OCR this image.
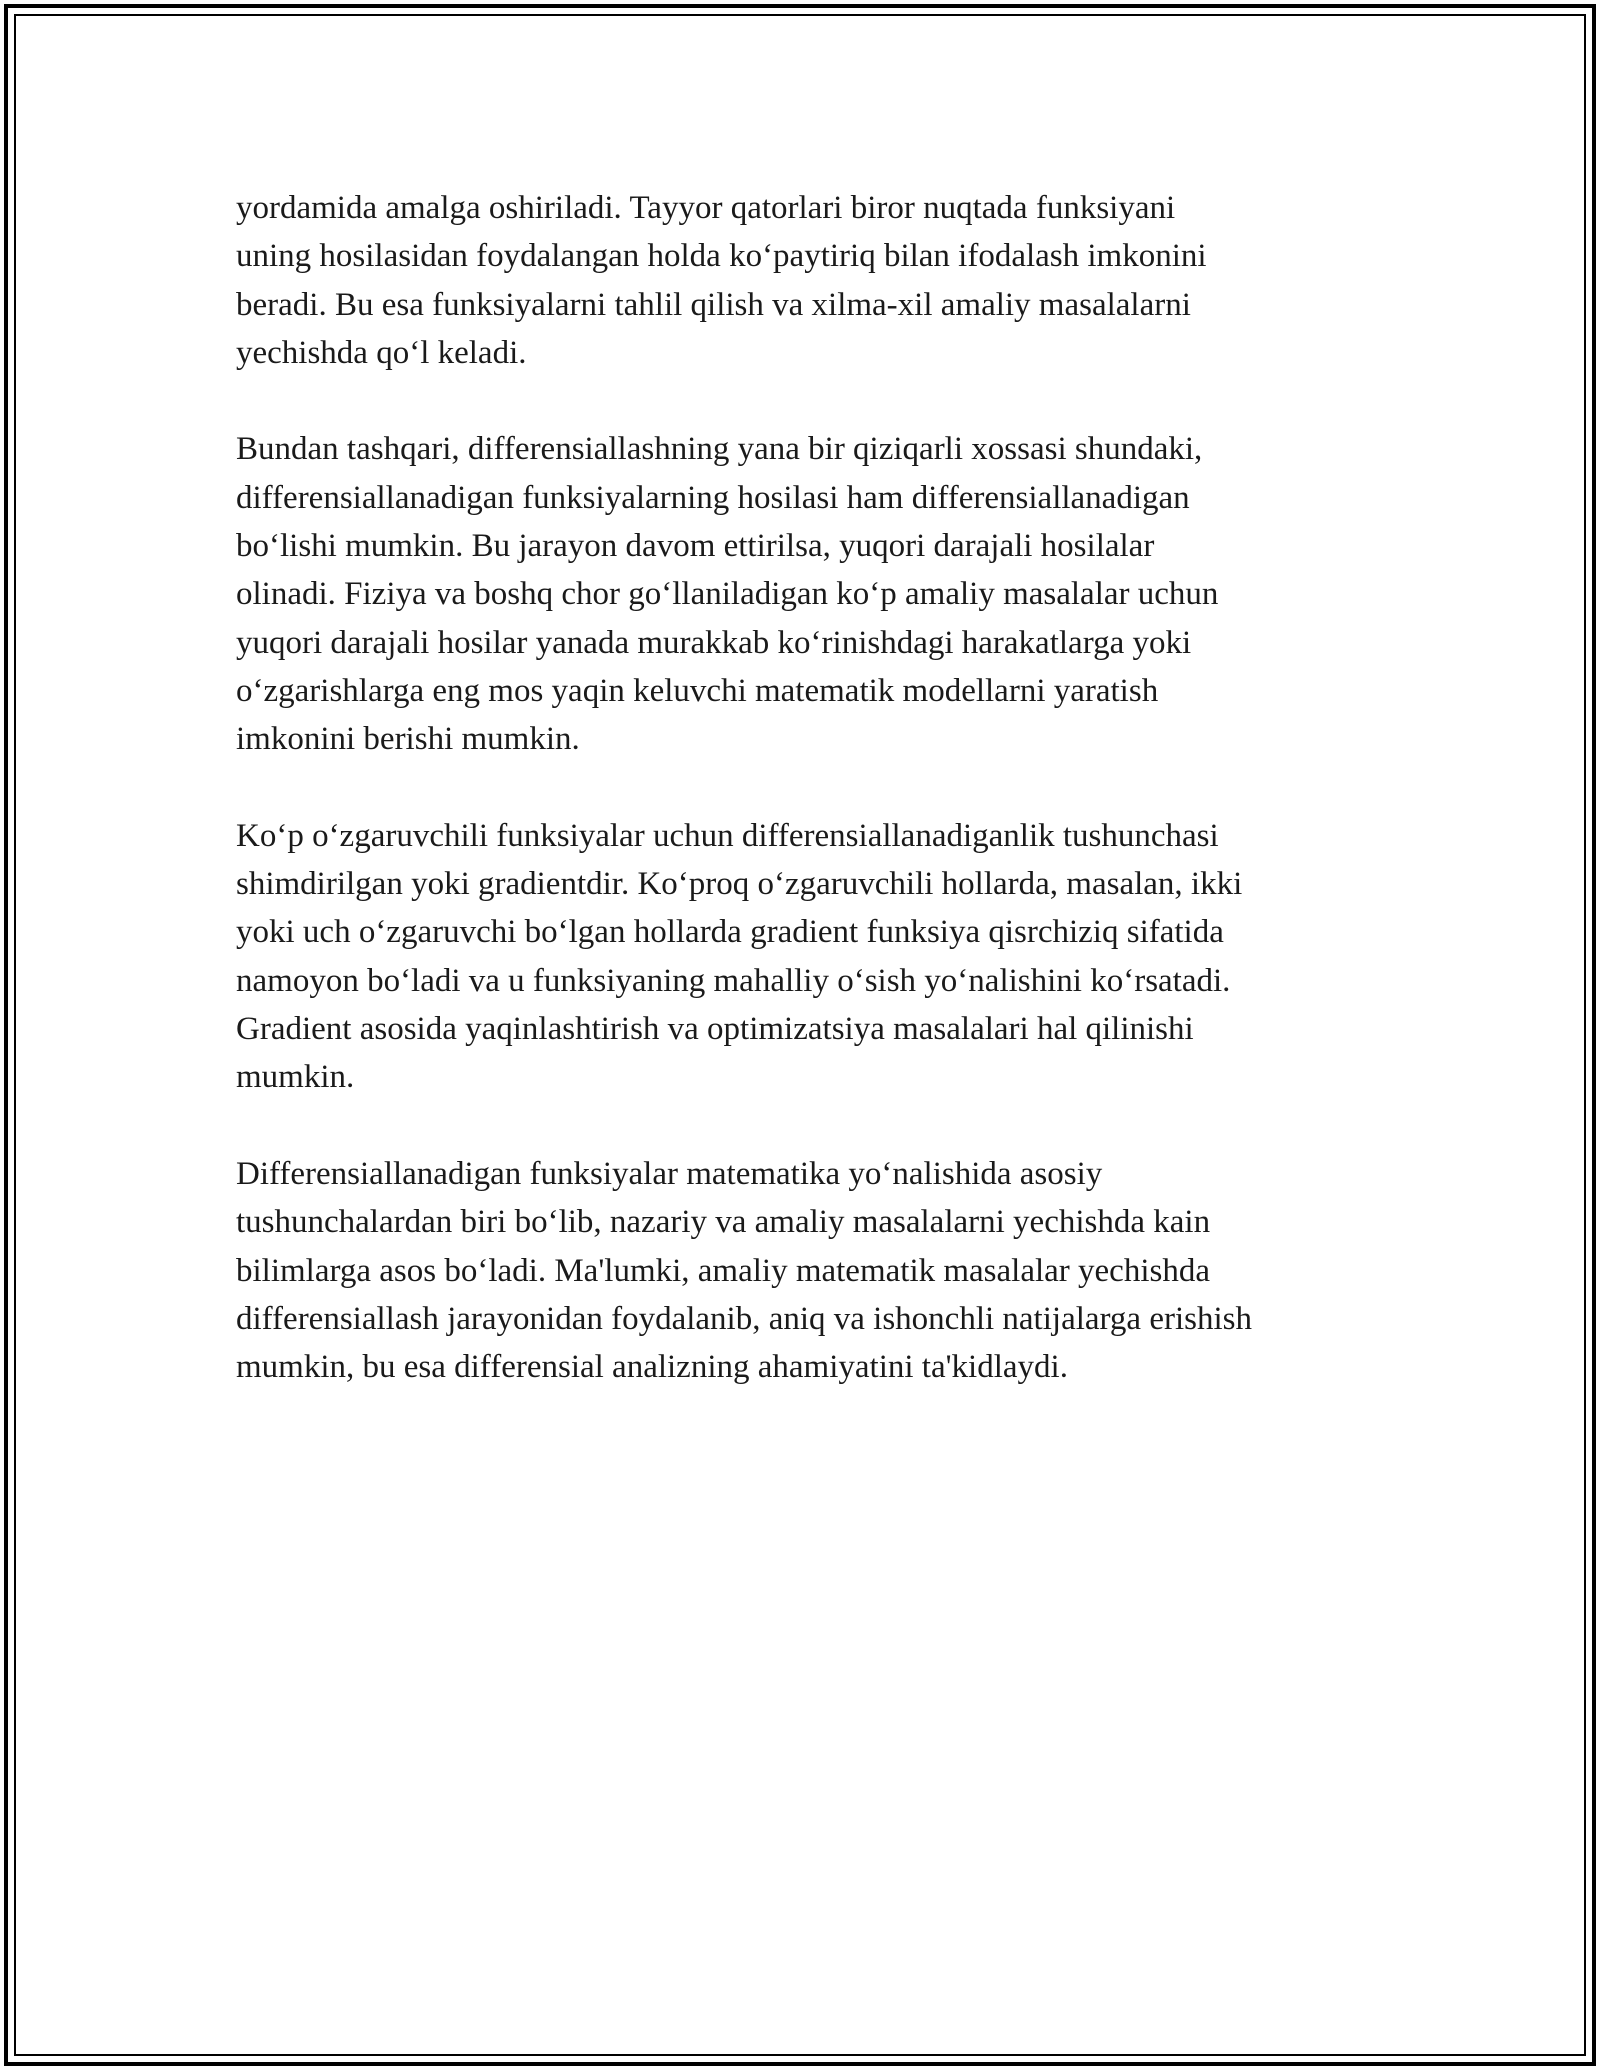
yordamida amalga oshiriladi. Tayyor qatorlari biror nuqtada funksiyani
uning hosilasidan foydalangan holda koʻpaytiriq bilan ifodalash imkonini
beradi. Bu esa funksiyalarni tahlil qilish va xilma-xil amaliy masalalarni
yechishda qoʻl keladi.

Bundan tashqari, differensiallashning yana bir qiziqarli xossasi shundaki,
differensiallanadigan funksiyalarning hosilasi ham differensiallanadigan
boʻlishi mumkin. Bu jarayon davom ettirilsa, yuqori darajali hosilalar
olinadi. Fiziya va boshq chor goʻllaniladigan koʻp amaliy masalalar uchun
yuqori darajali hosilar yanada murakkab koʻrinishdagi harakatlarga yoki
oʻzgarishlarga eng mos yaqin keluvchi matematik modellarni yaratish
imkonini berishi mumkin.

Koʻp oʻzgaruvchili funksiyalar uchun differensiallanadiganlik tushunchasi
shimdirilgan yoki gradientdir. Koʻproq oʻzgaruvchili hollarda, masalan, ikki
yoki uch oʻzgaruvchi boʻlgan hollarda gradient funksiya qisrchiziq sifatida
namoyon boʻladi va u funksiyaning mahalliy oʻsish yoʻnalishini koʻrsatadi.
Gradient asosida yaqinlashtirish va optimizatsiya masalalari hal qilinishi
mumkin.

Differensiallanadigan funksiyalar matematika yoʻnalishida asosiy
tushunchalardan biri boʻlib, nazariy va amaliy masalalarni yechishda kain
bilimlarga asos boʻladi. Ma'lumki, amaliy matematik masalalar yechishda
differensiallash jarayonidan foydalanib, aniq va ishonchli natijalarga erishish
mumkin, bu esa differensial analizning ahamiyatini ta'kidlaydi.
